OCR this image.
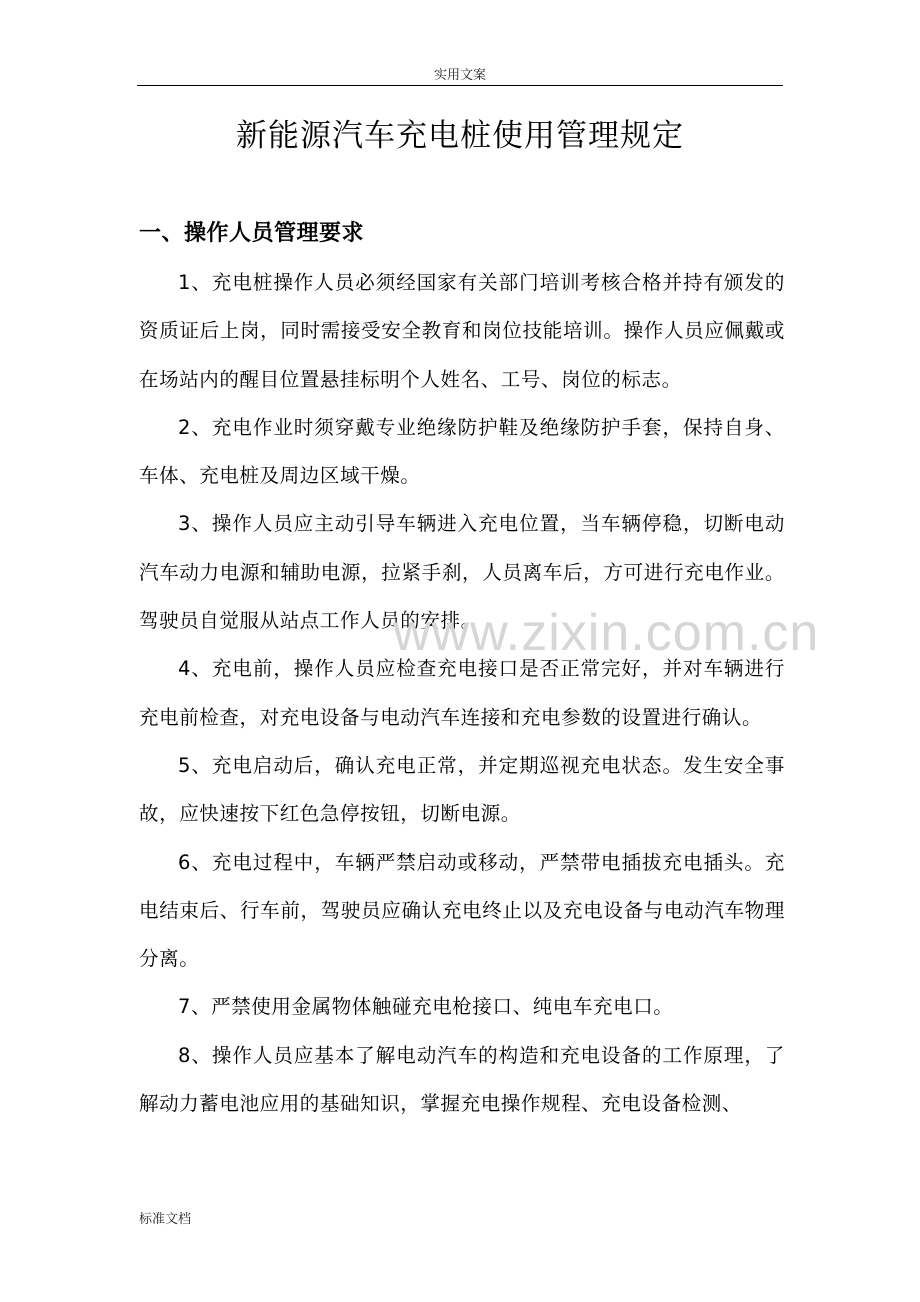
实用文案
新能源汽车充电桩使用管理规定
一、操作人员管理要求

1、充电桩操作人员必须经国家有关部门培训考核合格并持有颁发的资质证后上岗，同时需接受安全教育和岗位技能培训。操作人员应佩戴或在场站内的醒目位置悬挂标明个人姓名、工号、岗位的标志。

2、充电作业时须穿戴专业绝缘防护鞋及绝缘防护手套，保持自身、车体、充电桩及周边区域干燥。

3、操作人员应主动引导车辆进入充电位置，当车辆停稳，切断电动汽车动力电源和辅助电源，拉紧手刹，人员离车后，方可进行充电作业。驾驶员自觉服从站点工作人员的安排。

4、充电前，操作人员应检查充电接口是否正常完好，并对车辆进行充电前检查，对充电设备与电动汽车连接和充电参数的设置进行确认。

5、充电启动后，确认充电正常，并定期巡视充电状态。发生安全事故，应快速按下红色急停按钮，切断电源。

6、充电过程中，车辆严禁启动或移动，严禁带电插拔充电插头。充电结束后、行车前，驾驶员应确认充电终止以及充电设备与电动汽车物理分离。

7、严禁使用金属物体触碰充电枪接口、纯电车充电口。

8、操作人员应基本了解电动汽车的构造和充电设备的工作原理，了解动力蓄电池应用的基础知识，掌握充电操作规程、充电设备检测、

www.zixin.com.cn
标准文档
